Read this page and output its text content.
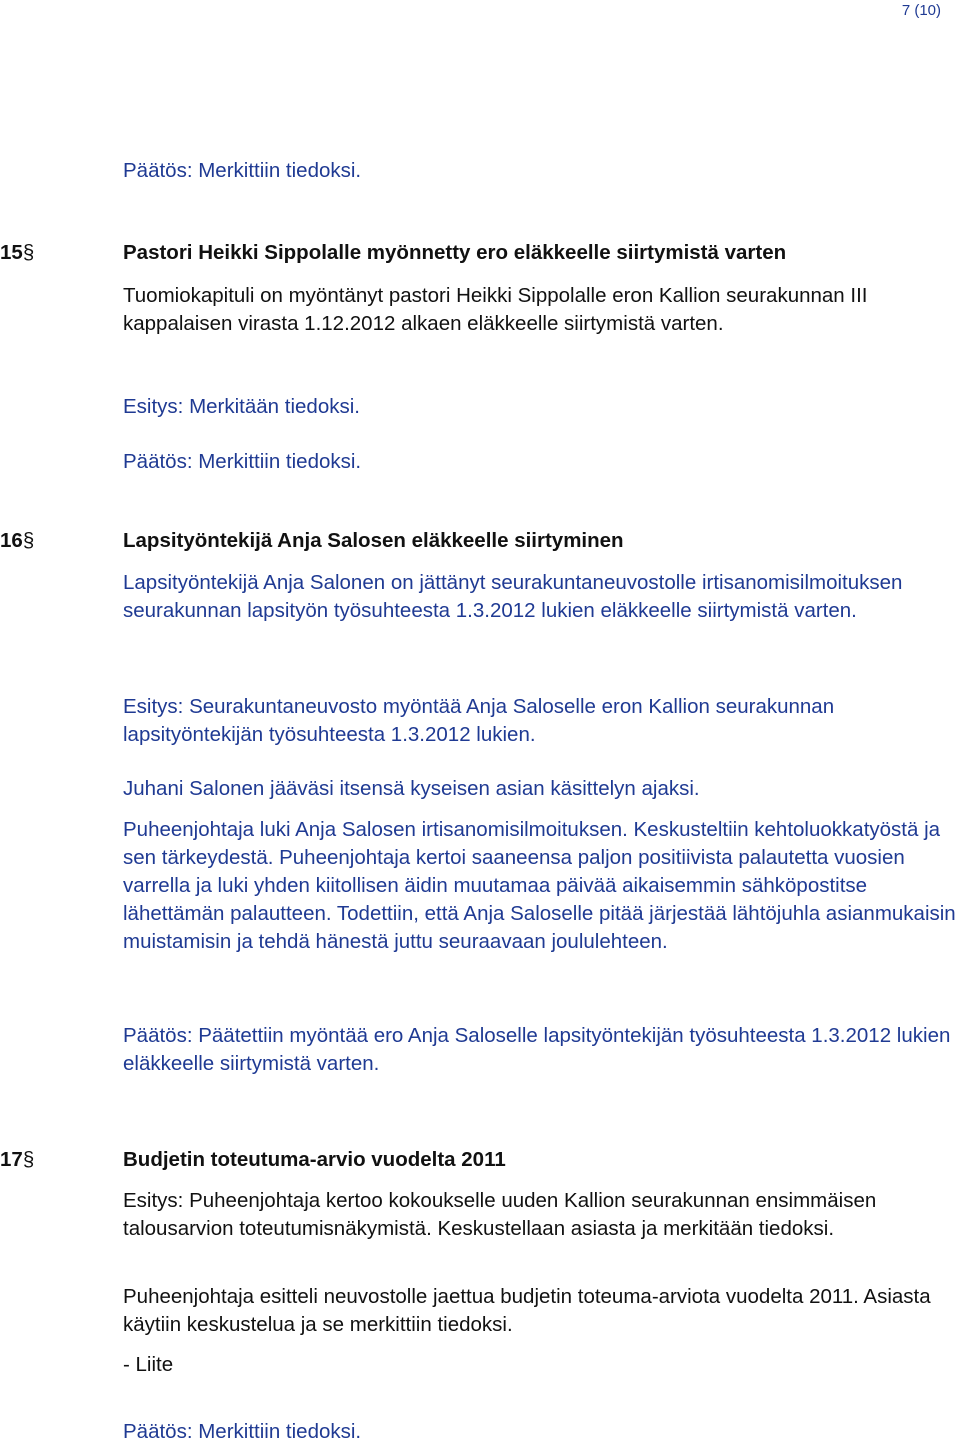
7 (10)
Päätös: Merkittiin tiedoksi.
15§	Pastori Heikki Sippolalle myönnetty ero eläkkeelle siirtymistä varten
Tuomiokapituli on myöntänyt pastori Heikki Sippolalle eron Kallion seurakunnan III kappalaisen virasta 1.12.2012 alkaen eläkkeelle siirtymistä varten.
Esitys: Merkitään tiedoksi.
Päätös: Merkittiin tiedoksi.
16§	Lapsityöntekijä Anja Salosen eläkkeelle siirtyminen
Lapsityöntekijä Anja Salonen on jättänyt seurakuntaneuvostolle irtisanomisilmoituksen seurakunnan lapsityön työsuhteesta 1.3.2012 lukien eläkkeelle siirtymistä varten.
Esitys: Seurakuntaneuvosto myöntää Anja Saloselle eron Kallion seurakunnan lapsityöntekijän työsuhteesta 1.3.2012 lukien.
Juhani Salonen jääväsi itsensä kyseisen asian käsittelyn ajaksi.
Puheenjohtaja luki Anja Salosen irtisanomisilmoituksen. Keskusteltiin kehtoluokkatyöstä ja sen tärkeydestä. Puheenjohtaja kertoi saaneensa paljon positiivista palautetta vuosien varrella ja luki yhden kiitollisen äidin muutamaa päivää aikaisemmin sähköpostitse lähettämän palautteen. Todettiin, että Anja Saloselle pitää järjestää lähtöjuhla asianmukaisin muistamisin ja tehdä hänestä juttu seuraavaan joululehteen.
Päätös: Päätettiin myöntää ero Anja Saloselle lapsityöntekijän työsuhteesta 1.3.2012 lukien eläkkeelle siirtymistä varten.
17§	Budjetin toteutuma-arvio vuodelta 2011
Esitys: Puheenjohtaja kertoo kokoukselle uuden Kallion seurakunnan ensimmäisen talousarvion toteutumisnäkymistä. Keskustellaan asiasta ja merkitään tiedoksi.
Puheenjohtaja esitteli neuvostolle jaettua budjetin toteuma-arviota vuodelta 2011. Asiasta käytiin keskustelua ja se merkittiin tiedoksi.
- Liite
Päätös: Merkittiin tiedoksi.
